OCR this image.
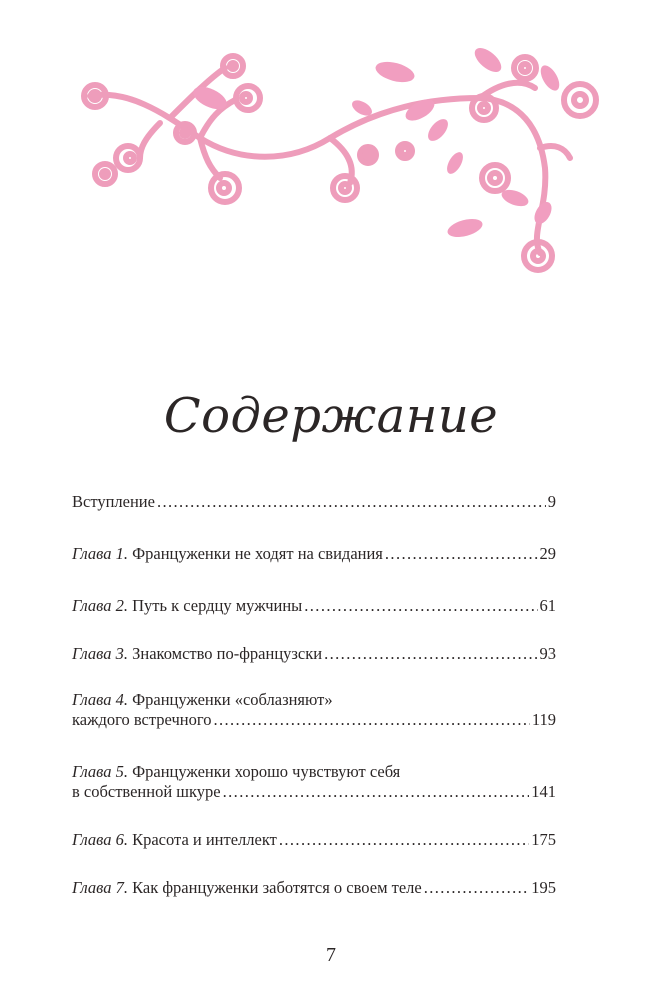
Содержание
Вступление .....	9
Глава 1.
Француженки не ходят на свидания .....	29
Глава 2.
Путь к сердцу мужчины .....	61
Глава 3.
Знакомство по-французски .....	93
Глава 4.
Француженки «соблазняют»
каждого встречного .....	119
Глава 5.
Француженки хорошо чувствуют себя
в собственной шкуре .....	141
Глава 6.
Красота и интеллект .....	175
Глава 7.
Как француженки заботятся о своем теле .....	195
7
